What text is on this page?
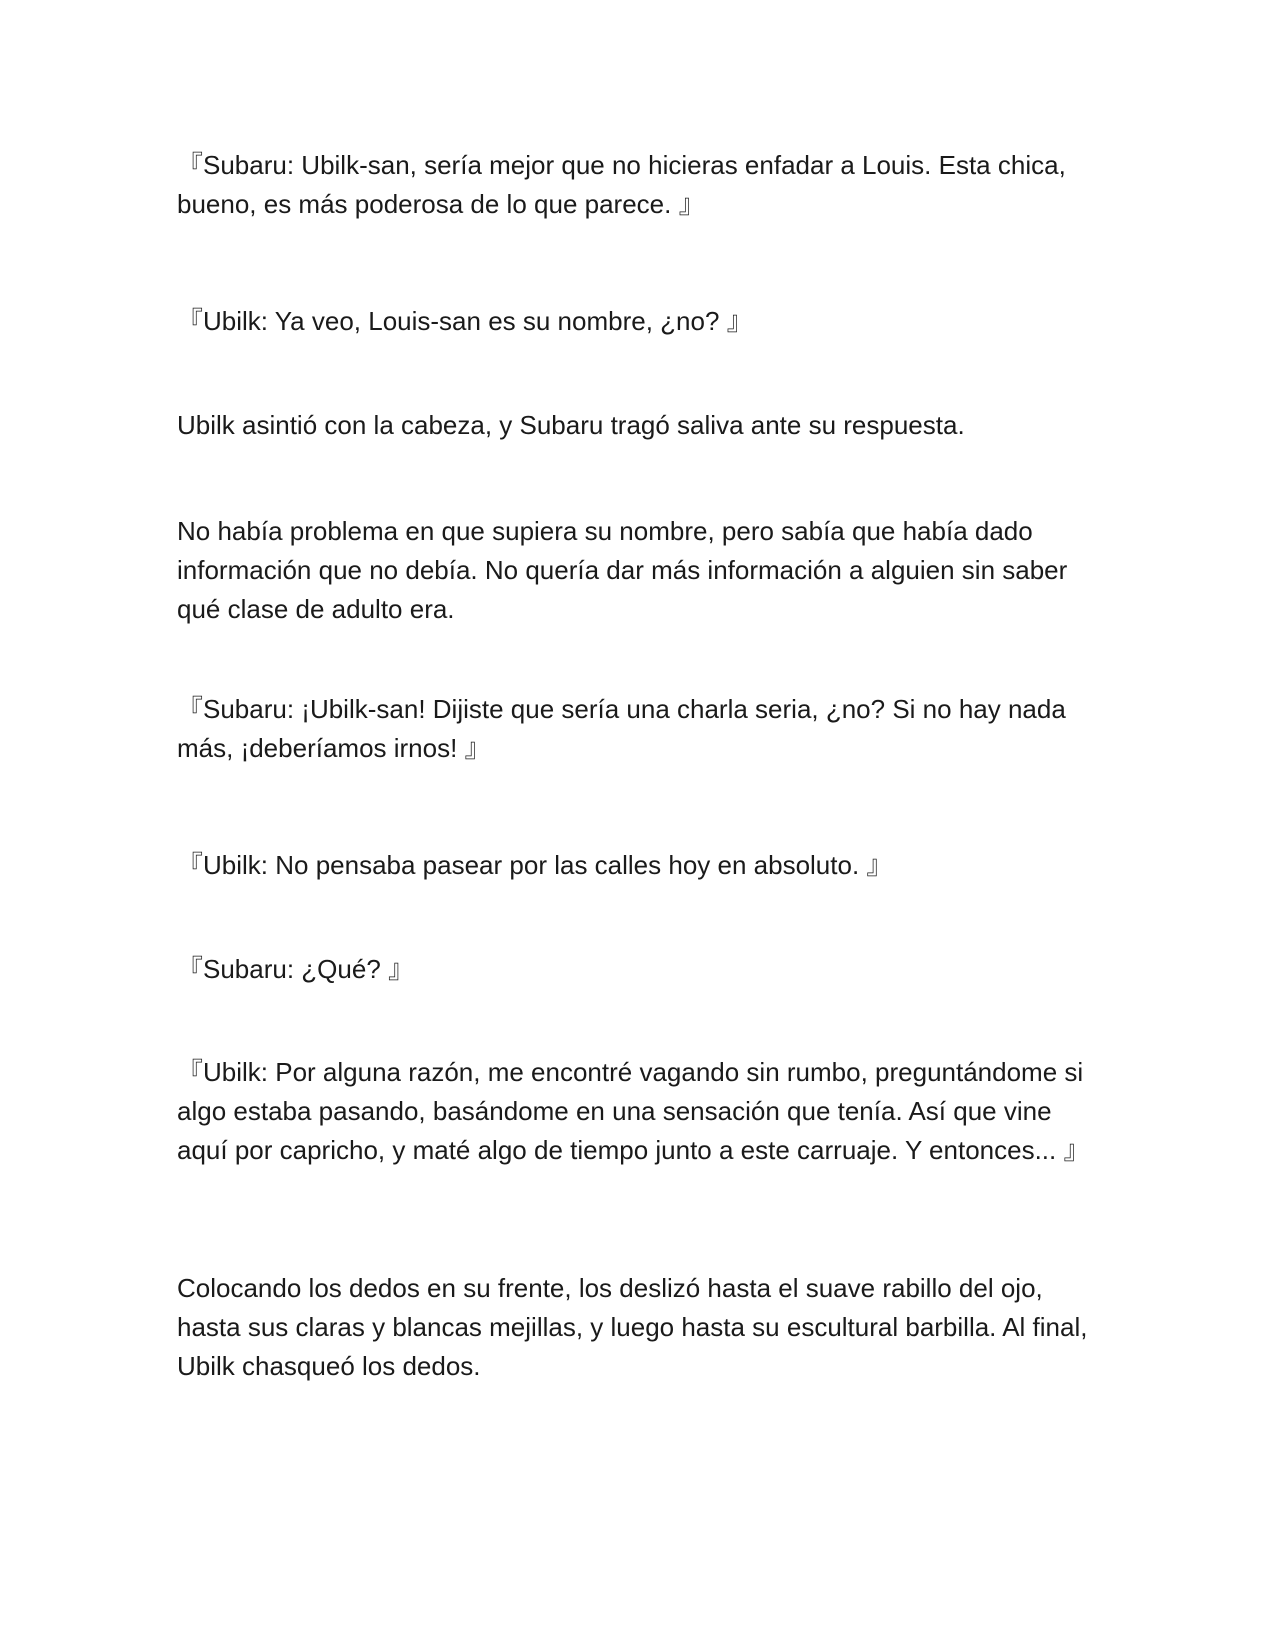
『Subaru: Ubilk-san, sería mejor que no hicieras enfadar a Louis. Esta chica, bueno, es más poderosa de lo que parece. 』

『Ubilk: Ya veo, Louis-san es su nombre, ¿no? 』

Ubilk asintió con la cabeza, y Subaru tragó saliva ante su respuesta.

No había problema en que supiera su nombre, pero sabía que había dado información que no debía. No quería dar más información a alguien sin saber qué clase de adulto era.

『Subaru: ¡Ubilk-san! Dijiste que sería una charla seria, ¿no? Si no hay nada más, ¡deberíamos irnos! 』

『Ubilk: No pensaba pasear por las calles hoy en absoluto. 』

『Subaru: ¿Qué? 』

『Ubilk: Por alguna razón, me encontré vagando sin rumbo, preguntándome si algo estaba pasando, basándome en una sensación que tenía. Así que vine aquí por capricho, y maté algo de tiempo junto a este carruaje. Y entonces... 』

Colocando los dedos en su frente, los deslizó hasta el suave rabillo del ojo, hasta sus claras y blancas mejillas, y luego hasta su escultural barbilla. Al final, Ubilk chasqueó los dedos.
